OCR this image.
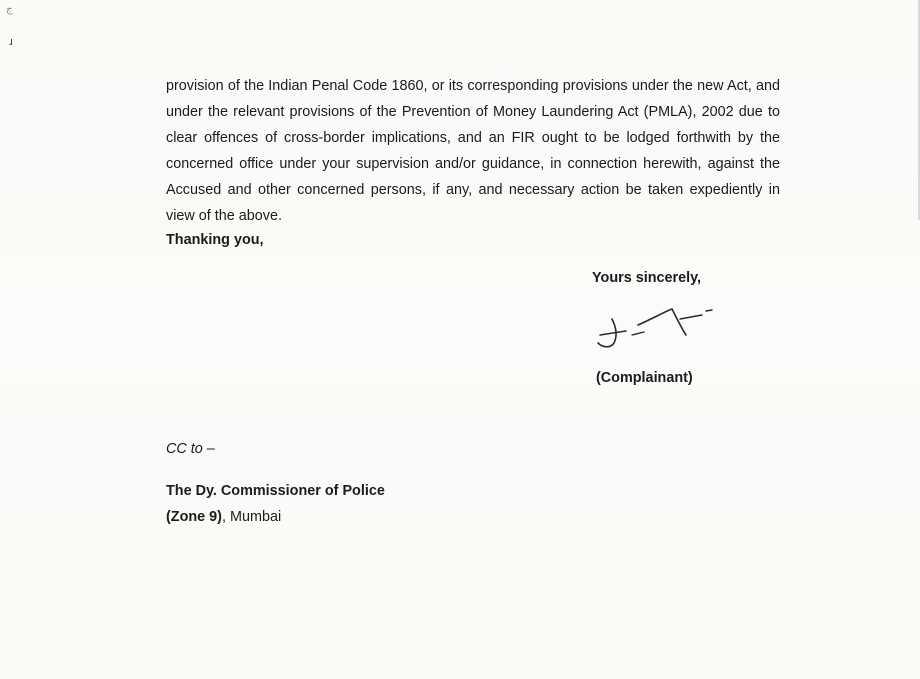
ج
ɹ

provision of the Indian Penal Code 1860, or its corresponding provisions under the new Act, and under the relevant provisions of the Prevention of Money Laundering Act (PMLA), 2002 due to clear offences of cross-border implications, and an FIR ought to be lodged forthwith by the concerned office under your supervision and/or guidance, in connection herewith, against the Accused and other concerned persons, if any, and necessary action be taken expediently in view of the above.

Thanking you,

Yours sincerely,

(Complainant)

CC to –

The Dy. Commissioner of Police
(Zone 9), Mumbai
